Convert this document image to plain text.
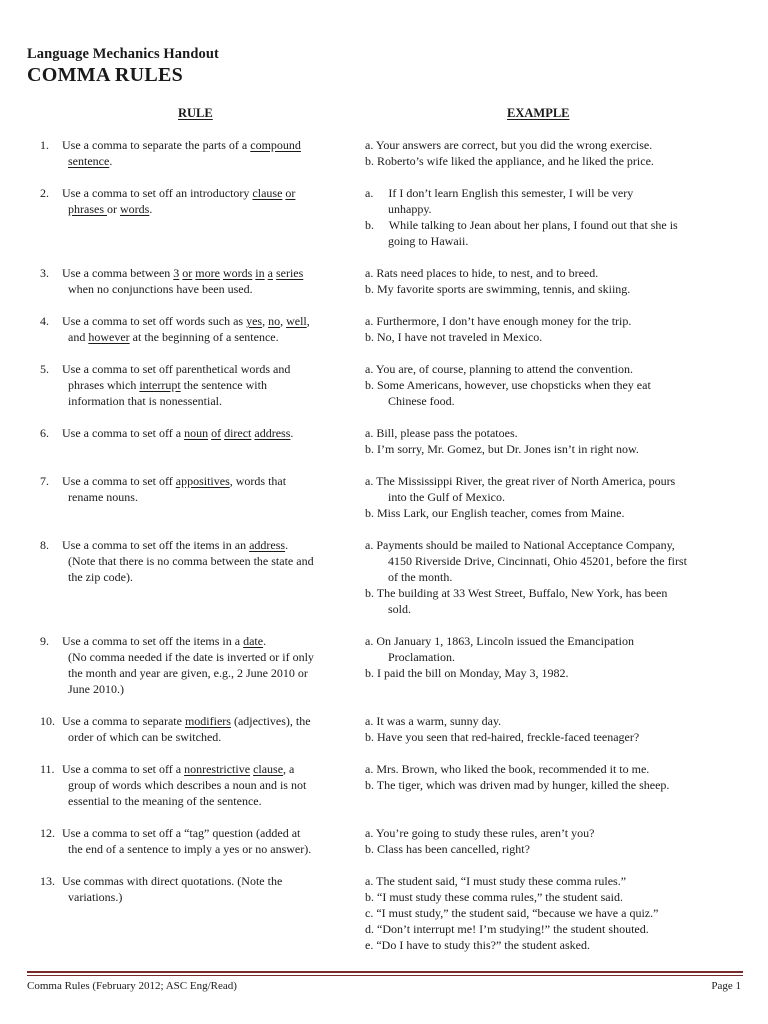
Language Mechanics Handout
COMMA RULES
RULE	EXAMPLE
1. Use a comma to separate the parts of a compound
sentence.
a. Your answers are correct, but you did the wrong exercise.
b. Roberto’s wife liked the appliance, and he liked the price.
2. Use a comma to set off an introductory clause or
phrases or words.
a.     If I don’t learn English this semester, I will be very
unhappy.
b.     While talking to Jean about her plans, I found out that she is
going to Hawaii.
3. Use a comma between 3 or more words in a series
when no conjunctions have been used.
a. Rats need places to hide, to nest, and to breed.
b. My favorite sports are swimming, tennis, and skiing.
4. Use a comma to set off words such as yes, no, well,
and however at the beginning of a sentence.
a. Furthermore, I don’t have enough money for the trip.
b. No, I have not traveled in Mexico.
5. Use a comma to set off parenthetical words and
phrases which interrupt the sentence with
information that is nonessential.
a. You are, of course, planning to attend the convention.
b. Some Americans, however, use chopsticks when they eat
Chinese food.
6. Use a comma to set off a noun of direct address.	a. Bill, please pass the potatoes.
b. I’m sorry, Mr. Gomez, but Dr. Jones isn’t in right now.
7. Use a comma to set off appositives, words that
rename nouns.
a. The Mississippi River, the great river of North America, pours
into the Gulf of Mexico.
b. Miss Lark, our English teacher, comes from Maine.
8. Use a comma to set off the items in an address.
(Note that there is no comma between the state and
the zip code).
a. Payments should be mailed to National Acceptance Company,
4150 Riverside Drive, Cincinnati, Ohio 45201, before the first
of the month.
b. The building at 33 West Street, Buffalo, New York, has been
sold.
9. Use a comma to set off the items in a date.
(No comma needed if the date is inverted or if only
the month and year are given, e.g., 2 June 2010 or
June 2010.)
a. On January 1, 1863, Lincoln issued the Emancipation
Proclamation.
b. I paid the bill on Monday, May 3, 1982.
10. Use a comma to separate modifiers (adjectives), the
order of which can be switched.
a. It was a warm, sunny day.
b. Have you seen that red-haired, freckle-faced teenager?
11. Use a comma to set off a nonrestrictive clause, a
group of words which describes a noun and is not
essential to the meaning of the sentence.
a. Mrs. Brown, who liked the book, recommended it to me.
b. The tiger, which was driven mad by hunger, killed the sheep.
12. Use a comma to set off a “tag” question (added at
the end of a sentence to imply a yes or no answer).
a. You’re going to study these rules, aren’t you?
b. Class has been cancelled, right?
13. Use commas with direct quotations. (Note the
variations.)
a. The student said, “I must study these comma rules.”
b. “I must study these comma rules,” the student said.
c. “I must study,” the student said, “because we have a quiz.”
d. “Don’t interrupt me! I’m studying!” the student shouted.
e. “Do I have to study this?” the student asked.
Comma Rules (February 2012; ASC Eng/Read)	Page 1
